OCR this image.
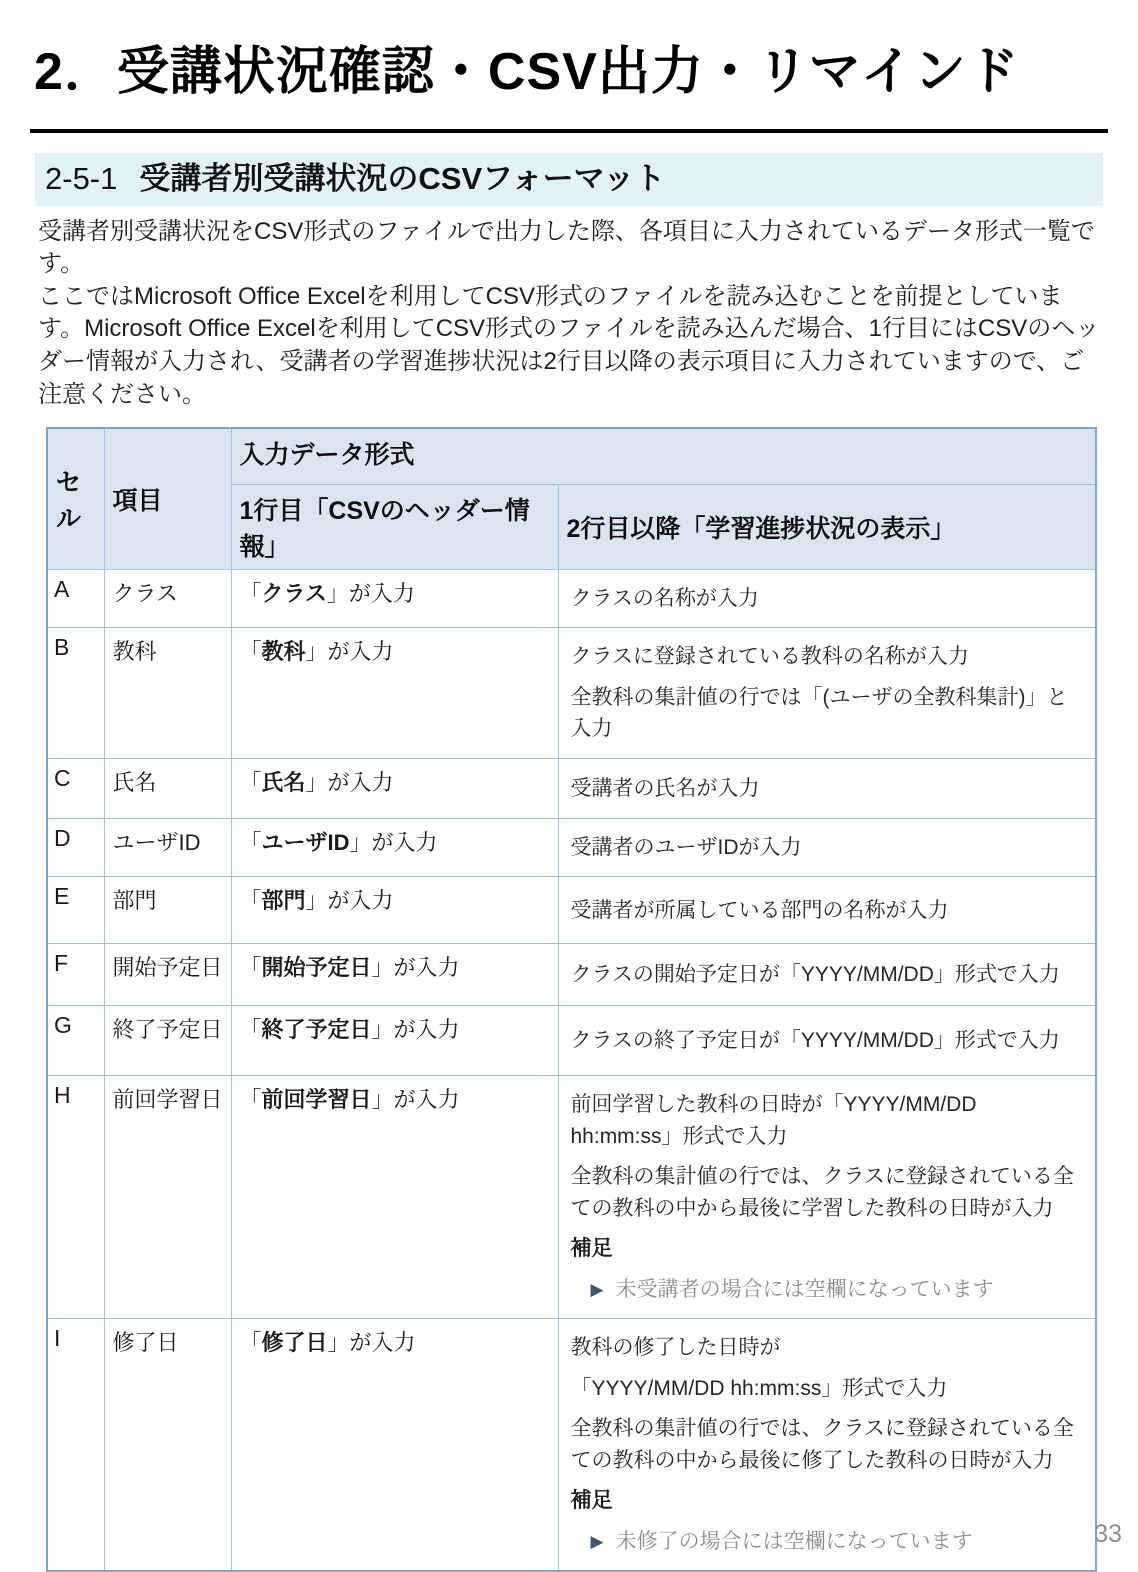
2．受講状況確認・CSV出力・リマインド
2-5-1 受講者別受講状況のCSVフォーマット

受講者別受講状況をCSV形式のファイルで出力した際、各項目に入力されているデータ形式一覧です。

ここではMicrosoft Office Excelを利用してCSV形式のファイルを読み込むことを前提としています。Microsoft Office Excelを利用してCSV形式のファイルを読み込んだ場合、1行目にはCSVのヘッダー情報が入力され、受講者の学習進捗状況は2行目以降の表示項目に入力されていますので、ご注意ください。

セル	項目	入力データ形式	
		1行目「CSVのヘッダー情報」	2行目以降「学習進捗状況の表示」
A	クラス	「クラス」が入力	クラスの名称が入力

B	教科	「教科」が入力	クラスに登録されている教科の名称が入力
全教科の集計値の行では「(ユーザの全教科集計)」と入力

C	氏名	「氏名」が入力	受講者の氏名が入力

D	ユーザID	「ユーザID」が入力	受講者のユーザIDが入力

E	部門	「部門」が入力	受講者が所属している部門の名称が入力

F	開始予定日	「開始予定日」が入力	クラスの開始予定日が「YYYY/MM/DD」形式で入力

G	終了予定日	「終了予定日」が入力	クラスの終了予定日が「YYYY/MM/DD」形式で入力

H	前回学習日	「前回学習日」が入力	前回学習した教科の日時が「YYYY/MM/DD hh:mm:ss」形式で入力
全教科の集計値の行では、クラスに登録されている全ての教科の中から最後に学習した教科の日時が入力
補足
▶ 未受講者の場合には空欄になっています

I	修了日	「修了日」が入力	教科の修了した日時が
「YYYY/MM/DD hh:mm:ss」形式で入力
全教科の集計値の行では、クラスに登録されている全ての教科の中から最後に修了した教科の日時が入力
補足
▶ 未修了の場合には空欄になっています	33
